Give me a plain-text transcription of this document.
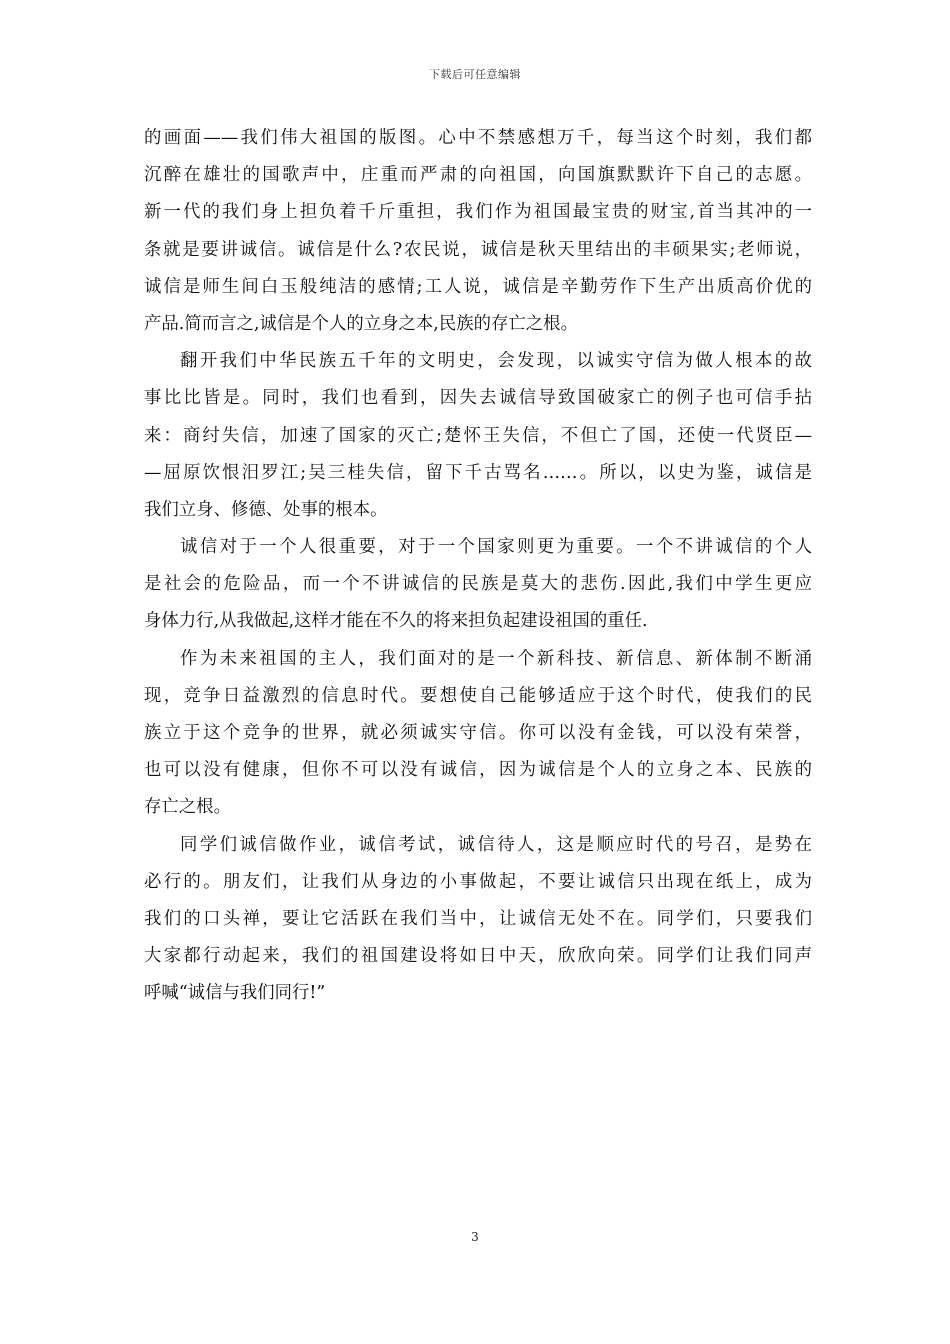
下载后可任意编辑
的画面——我们伟大祖国的版图。心中不禁感想万千，每当这个时刻，我们都
沉醉在雄壮的国歌声中，庄重而严肃的向祖国，向国旗默默许下自己的志愿。
新一代的我们身上担负着千斤重担，我们作为祖国最宝贵的财宝,首当其冲的一
条就是要讲诚信。诚信是什么?农民说，诚信是秋天里结出的丰硕果实;老师说，
诚信是师生间白玉般纯洁的感情;工人说，诚信是辛勤劳作下生产出质高价优的
产品.简而言之,诚信是个人的立身之本,民族的存亡之根。
翻开我们中华民族五千年的文明史，会发现，以诚实守信为做人根本的故
事比比皆是。同时，我们也看到，因失去诚信导致国破家亡的例子也可信手拈
来：商纣失信，加速了国家的灭亡;楚怀王失信，不但亡了国，还使一代贤臣—
—屈原饮恨汨罗江;吴三桂失信，留下千古骂名……。所以，以史为鉴，诚信是
我们立身、修德、处事的根本。
诚信对于一个人很重要，对于一个国家则更为重要。一个不讲诚信的个人
是社会的危险品，而一个不讲诚信的民族是莫大的悲伤.因此,我们中学生更应
身体力行,从我做起,这样才能在不久的将来担负起建设祖国的重任.
作为未来祖国的主人，我们面对的是一个新科技、新信息、新体制不断涌
现，竞争日益激烈的信息时代。要想使自己能够适应于这个时代，使我们的民
族立于这个竞争的世界，就必须诚实守信。你可以没有金钱，可以没有荣誉，
也可以没有健康，但你不可以没有诚信，因为诚信是个人的立身之本、民族的
存亡之根。
同学们诚信做作业，诚信考试，诚信待人，这是顺应时代的号召，是势在
必行的。朋友们，让我们从身边的小事做起，不要让诚信只出现在纸上，成为
我们的口头禅，要让它活跃在我们当中，让诚信无处不在。同学们，只要我们
大家都行动起来，我们的祖国建设将如日中天，欣欣向荣。同学们让我们同声
呼喊“诚信与我们同行!”
3
